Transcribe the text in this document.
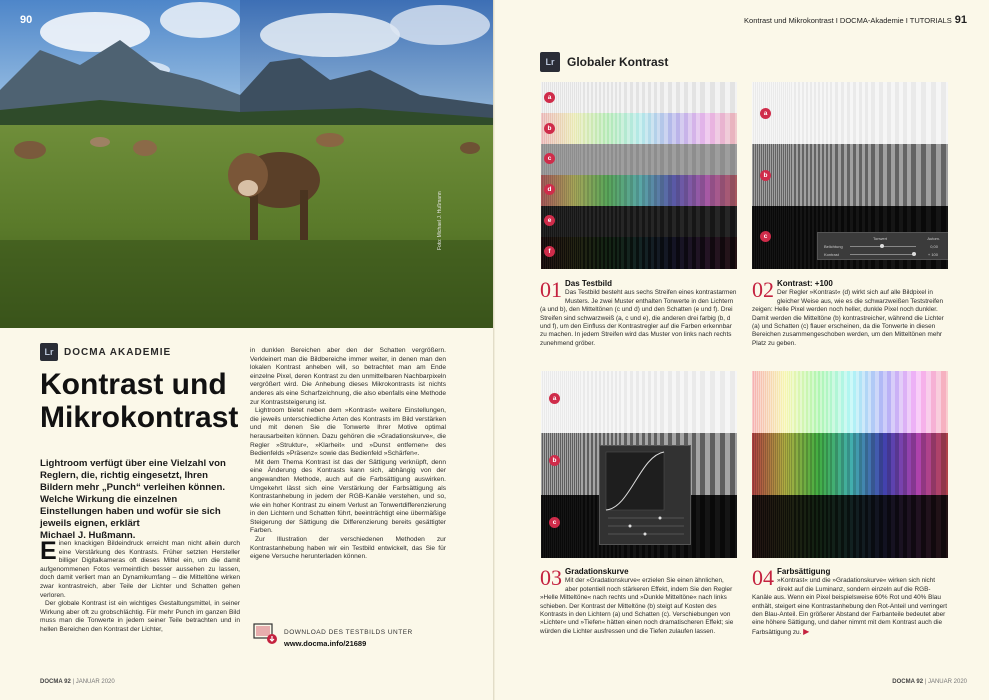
90
Foto: Michael J. Hußmann
Lr	DOCMA AKADEMIE
Kontrast und Mikrokontrast
Lightroom verfügt über eine Vielzahl von Reglern, die, richtig eingesetzt, Ihren Bildern mehr „Punch“ verleihen können. Welche Wirkung die einzelnen Einstellungen haben und wofür sie sich jeweils eignen, erklärt
Michael J. Hußmann.

Einen knackigen Bildeindruck erreicht man nicht allein durch eine Verstärkung des Kontrasts. Früher setzten Hersteller billiger Digitalkameras oft dieses Mittel ein, um die damit aufgenommenen Fotos vermeintlich besser aussehen zu lassen, doch damit verliert man an Dynamikumfang – die Mitteltöne wirken zwar kontrastreich, aber Teile der Lichter und Schatten gehen verloren.

Der globale Kontrast ist ein wichtiges Gestaltungsmittel, in seiner Wirkung aber oft zu grobschlächtig. Für mehr Punch im ganzen Bild muss man die Tonwerte in jedem seiner Teile betrachten und in hellen Bereichen den Kontrast der Lichter,

in dunklen Bereichen aber den der Schatten vergrößern. Verkleinert man die Bildbereiche immer weiter, in denen man den lokalen Kontrast anheben will, so betrachtet man am Ende einzelne Pixel, deren Kontrast zu den unmittelbaren Nachbarpixeln vergrößert wird. Die Anhebung dieses Mikrokontrasts ist nichts anderes als eine Scharfzeichnung, die also ebenfalls eine Methode zur Kontraststeigerung ist.

Lightroom bietet neben dem »Kontrast« weitere Einstellungen, die jeweils unterschiedliche Arten des Kontrasts im Bild verstärken und mit denen Sie die Tonwerte Ihrer Motive optimal herausarbeiten können. Dazu gehören die »Gradationskurve«, die Regler »Struktur«, »Klarheit« und »Dunst entfernen« des Bedienfelds »Präsenz« sowie das Bedienfeld »Schärfen«.

Mit dem Thema Kontrast ist das der Sättigung verknüpft, denn eine Änderung des Kontrasts kann sich, abhängig von der angewandten Methode, auch auf die Farbsättigung auswirken. Umgekehrt lässt sich eine Verstärkung der Farbsättigung als Kontrastanhebung in jedem der RGB-Kanäle verstehen, und so, wie ein hoher Kontrast zu einem Verlust an Tonwertdifferenzierung in den Lichtern und Schatten führt, beeinträchtigt eine übermäßige Steigerung der Sättigung die Differenzierung bereits gesättigter Farben.

Zur Illustration der verschiedenen Methoden zur Kontrastanhebung haben wir ein Testbild entwickelt, das Sie für eigene Versuche herunterladen können.

DOWNLOAD DES TESTBILDS UNTER
www.docma.info/21689
DOCMA 92 | JANUAR 2020
Kontrast und Mikrokontrast I DOCMA-Akademie I TUTORIALS 91
Lr	Globaler Kontrast
a
b
c
d
e
f
a
b
c	Tonwert	Autom.
Belichtung	0,00
Kontrast	+ 100
a
b
c
01 Das Testbild
Das Testbild besteht aus sechs Streifen eines kontrastarmen Musters. Je zwei Muster enthalten Tonwerte in den Lichtern (a und b), den Mitteltönen (c und d) und den Schatten (e und f). Drei Streifen sind schwarzweiß (a, c und e), die anderen drei farbig (b, d und f), um den Einfluss der Kontrastregler auf die Farben erkennbar zu machen. In jedem Streifen wird das Muster von links nach rechts zunehmend gröber.
02 Kontrast: +100
Der Regler »Kontrast« (d) wirkt sich auf alle Bildpixel in gleicher Weise aus, wie es die schwarzweißen Teststreifen zeigen: Helle Pixel werden noch heller, dunkle Pixel noch dunkler. Damit werden die Mitteltöne (b) kontrastreicher, während die Lichter (a) und Schatten (c) flauer erscheinen, da die Tonwerte in diesen Bereichen zusammengeschoben werden, um den Mitteltönen mehr Platz zu geben.
03 Gradationskurve
Mit der »Gradationskurve« erzielen Sie einen ähnlichen, aber potentiell noch stärkeren Effekt, indem Sie den Regler »Helle Mitteltöne« nach rechts und »Dunkle Mitteltöne« nach links schieben. Der Kontrast der Mitteltöne (b) steigt auf Kosten des Kontrasts in den Lichtern (a) und Schatten (c). Verschiebungen von »Lichter« und »Tiefen« hätten einen noch dramatischeren Effekt; sie würden die Lichter ausfressen und die Tiefen zulaufen lassen.
04 Farbsättigung
»Kontrast« und die »Gradationskurve« wirken sich nicht direkt auf die Luminanz, sondern einzeln auf die RGB-Kanäle aus. Wenn ein Pixel beispielsweise 60% Rot und 40% Blau enthält, steigert eine Kontrastanhebung den Rot-Anteil und verringert den Blau-Anteil. Ein größerer Abstand der Farbanteile bedeutet aber eine höhere Sättigung, und daher nimmt mit dem Kontrast auch die Farbsättigung zu. ▶
DOCMA 92 | JANUAR 2020
